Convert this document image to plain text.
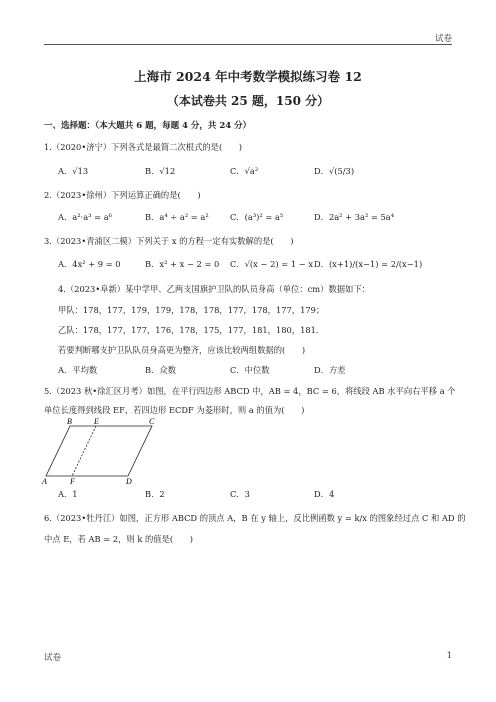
试卷
上海市 2024 年中考数学模拟练习卷 12
（本试卷共 25 题，150 分）
一、选择题：（本大题共 6 题，每题 4 分，共 24 分）
1.（2020•济宁）下列各式是最简二次根式的是(　　)
A．√13	B．√12	C．√a²	D．√(5/3)
2.（2023•徐州）下列运算正确的是(　　)
A．a²·a³ = a⁶	B．a⁴ ÷ a² = a²	C．(a³)² = a⁵	D．2a² + 3a² = 5a⁴
3.（2023•青浦区二模）下列关于 x 的方程一定有实数解的是(　　)
A．4x² + 9 = 0	B．x² + x − 2 = 0 C．√(x − 2) = 1 − x D．(x+1)/(x−1) = 2/(x−1)
4.（2023•阜新）某中学甲、乙两支国旗护卫队的队员身高（单位：cm）数据如下：
甲队：178，177，179，179，178，178，177，178，177，179；
乙队：178，177，177，176，178，175，177，181，180，181．
若要判断哪支护卫队队员身高更为整齐，应该比较两组数据的(　　)
A．平均数	B．众数	C．中位数	D．方差
5.（2023 秋•徐汇区月考）如图，在平行四边形 ABCD 中，AB = 4，BC = 6，将线段 AB 水平向右平移 a 个
单位长度得到线段 EF，若四边形 ECDF 为菱形时，则 a 的值为(　　)
B	E	C
A	F	D
A．1	B．2	C．3	D．4
6.（2023•牡丹江）如图，正方形 ABCD 的顶点 A，B 在 y 轴上，反比例函数 y = k/x 的图象经过点 C 和 AD 的
中点 E，若 AB = 2，则 k 的值是(　　)
试卷	1
